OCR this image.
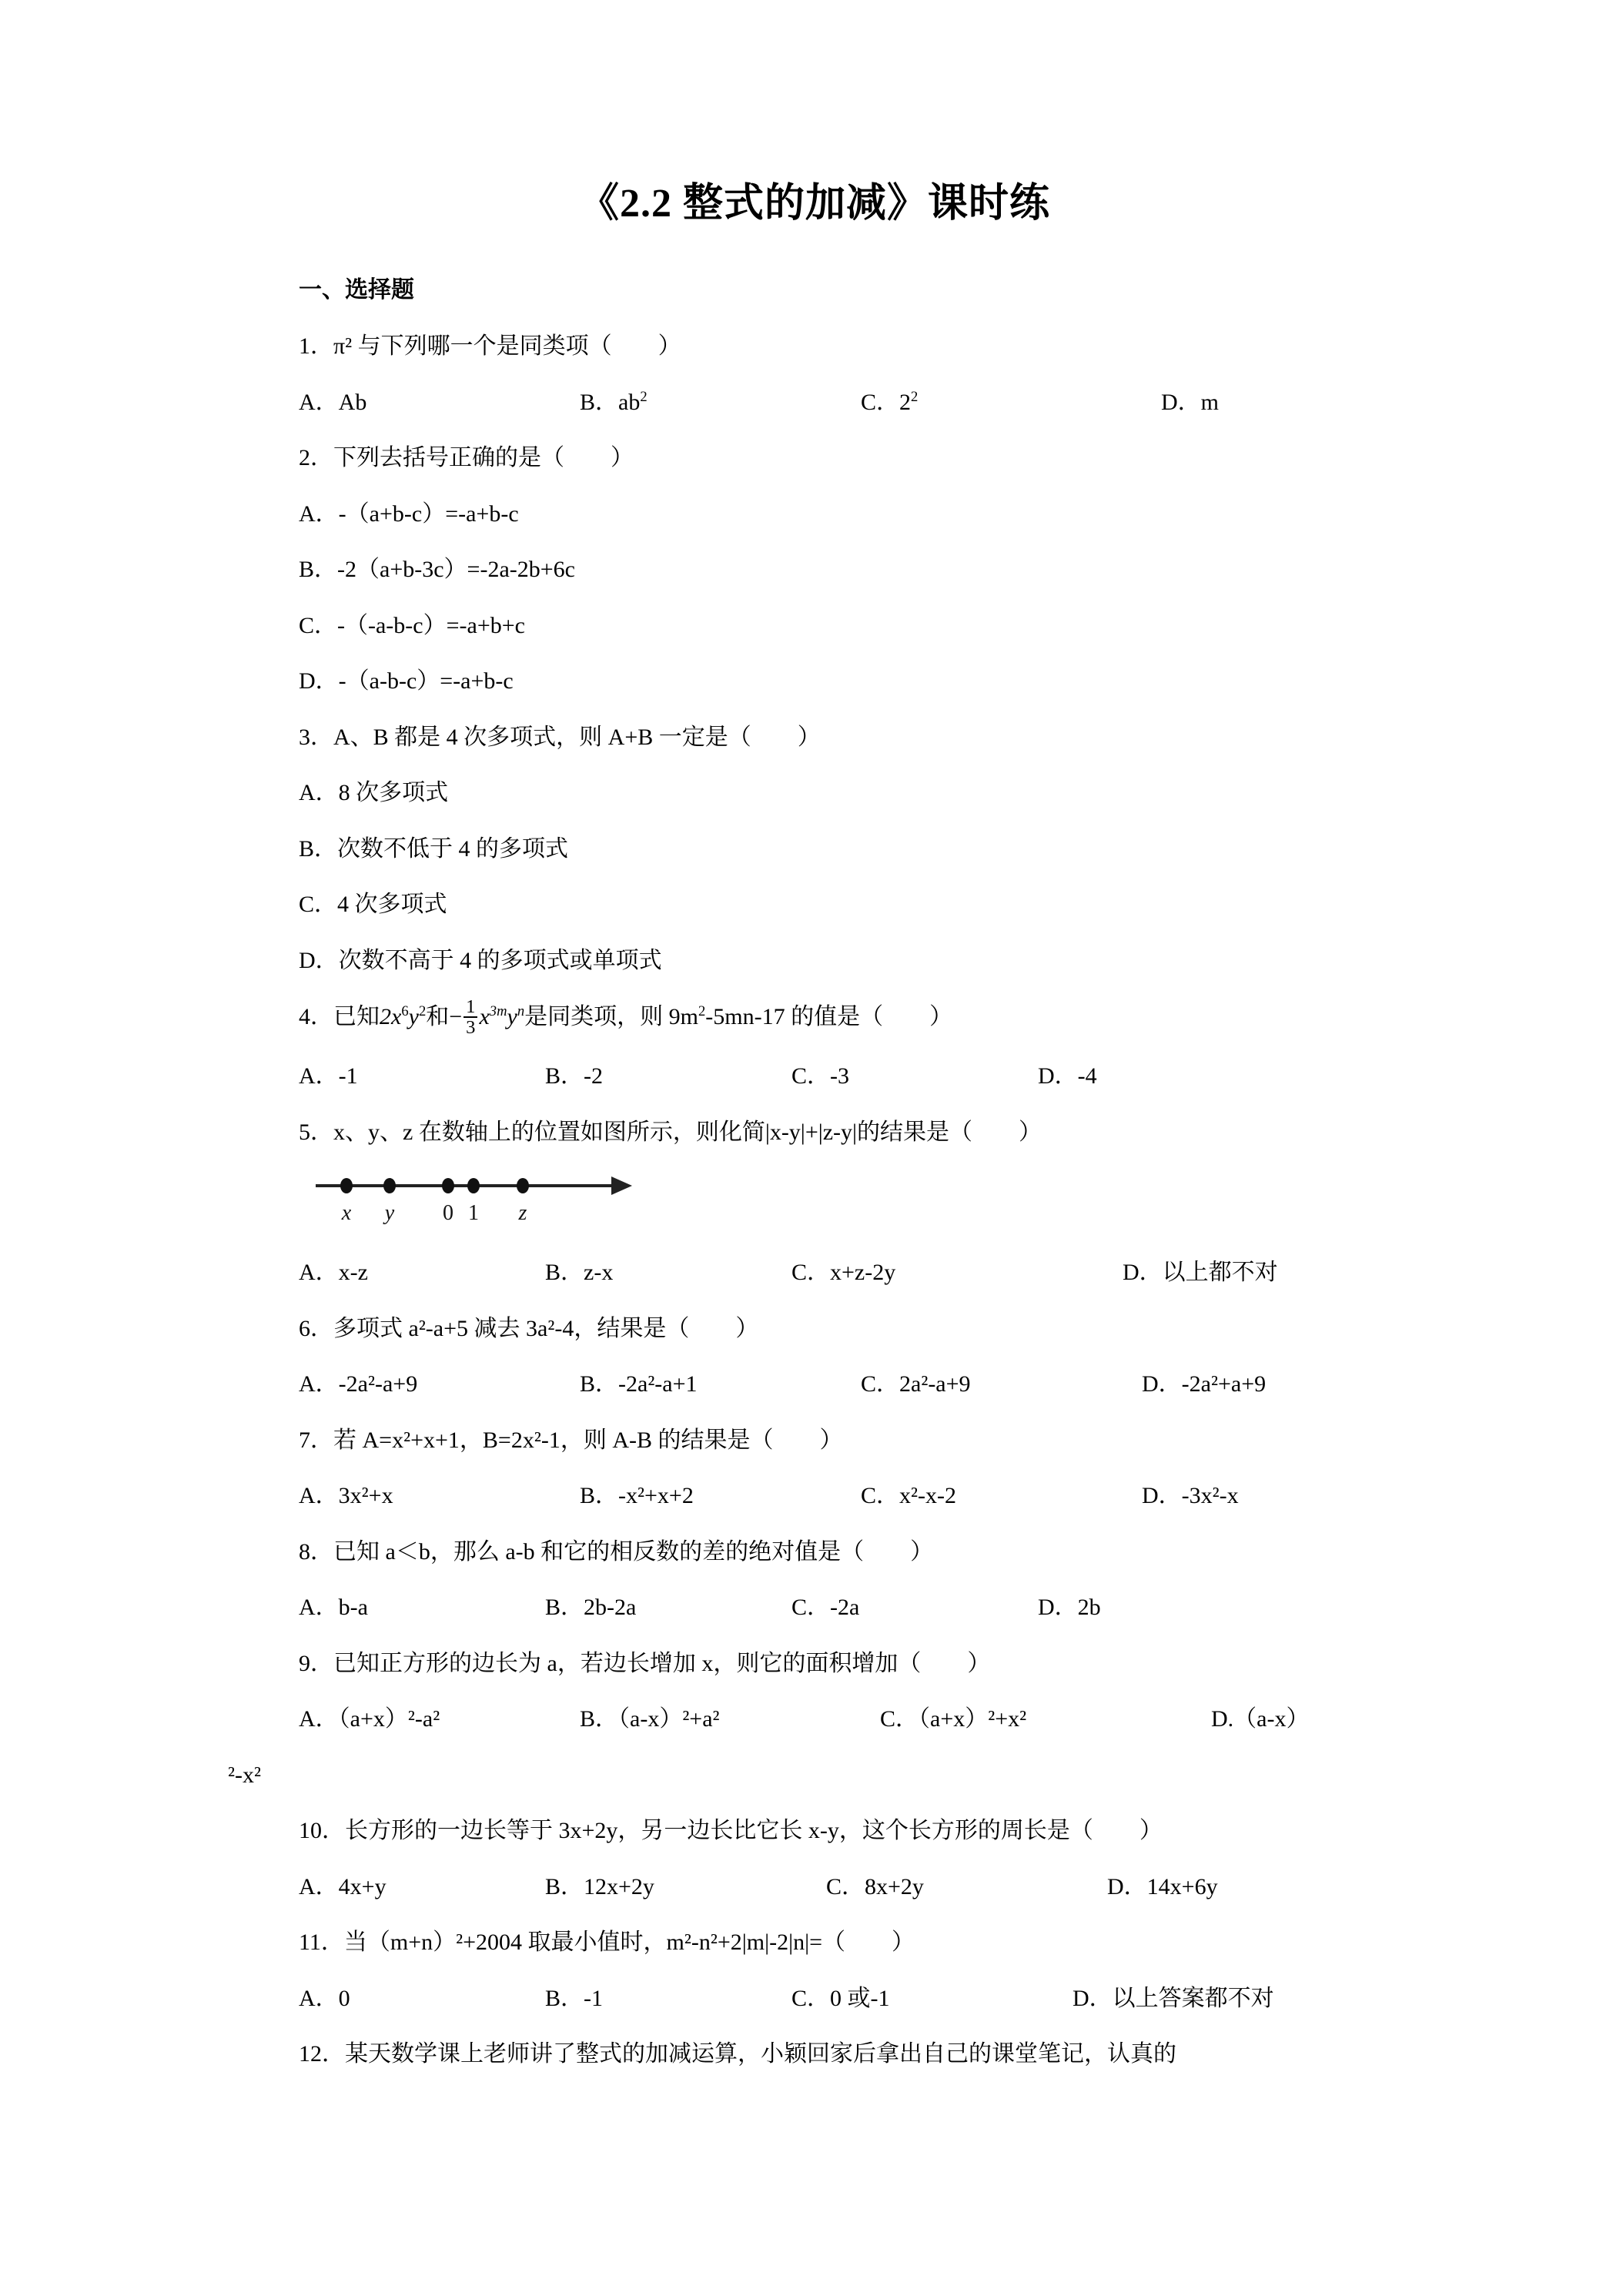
《2.2 整式的加减》课时练
一、选择题
1．π² 与下列哪一个是同类项（　　）
A．Ab	B．$ab^2$	C．$2^2$	D．m
2．下列去括号正确的是（　　）
A．-（a+b-c）=-a+b-c
B．-2（a+b-3c）=-2a-2b+6c
C．-（-a-b-c）=-a+b+c
D．-（a-b-c）=-a+b-c
3．A、B 都是 4 次多项式，则 A+B 一定是（　　）
A．8 次多项式
B．次数不低于 4 的多项式
C．4 次多项式
D．次数不高于 4 的多项式或单项式
4．已知$2x^6y^2$和− $\frac{1}{3} x^{3m}y^n$是同类项，则 $9m^2-5mn-17$ 的值是（　　）
A．-1	B．-2	C．-3	D．-4
5．x、y、z 在数轴上的位置如图所示，则化简|x-y|+|z-y|的结果是（　　）
x y 0 1 z
A．x-z	B．z-x	C．x+z-2y	D．以上都不对
6．多项式 a²-a+5 减去 3a²-4，结果是（　　）
A．-2a²-a+9	B．-2a²-a+1	C．2a²-a+9	D．-2a²+a+9
7．若 A=x²+x+1，B=2x²-1，则 A-B 的结果是（　　）
A．3x²+x	B．-x²+x+2	C．x²-x-2	D．-3x²-x
8．已知 a＜b，那么 a-b 和它的相反数的差的绝对值是（　　）
A．b-a	B．2b-2a	C．-2a	D．2b
9．已知正方形的边长为 a，若边长增加 x，则它的面积增加（　　）
A．（a+x）²-a²	B．（a-x）²+a²	C．（a+x）²+x²	D.（a-x）
²-x²
10．长方形的一边长等于 3x+2y，另一边长比它长 x-y，这个长方形的周长是（　　）
A．4x+y	B．12x+2y	C．8x+2y	D．14x+6y
11．当（m+n）²+2004 取最小值时，m²-n²+2|m|-2|n|=（　　）
A．0	B．-1	C．0 或-1	D．以上答案都不对
12．某天数学课上老师讲了整式的加减运算，小颖回家后拿出自己的课堂笔记，认真的
